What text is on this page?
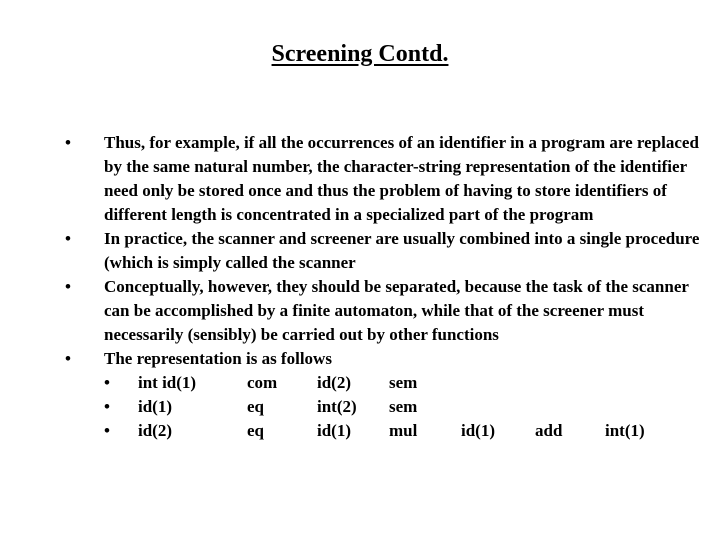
Screening Contd.
•	Thus, for example, if all the occurrences of an identifier in a program are replaced by the same natural number, the character-string representation of the identifier need only be stored once and thus the problem of having to store identifiers of different length is concentrated in a specialized part of the program
•	In practice, the scanner and screener are usually combined into a single procedure (which is simply called the scanner
•	Conceptually, however, they should be separated, because the task of the scanner can be accomplished by a finite automaton, while that of the screener must necessarily (sensibly) be carried out by other functions
•	The representation is as follows
•	int id(1)	com	id(2)	sem
•	id(1)	eq	int(2)	sem
•	id(2)	eq	id(1)	mul	id(1)	add	int(1)
